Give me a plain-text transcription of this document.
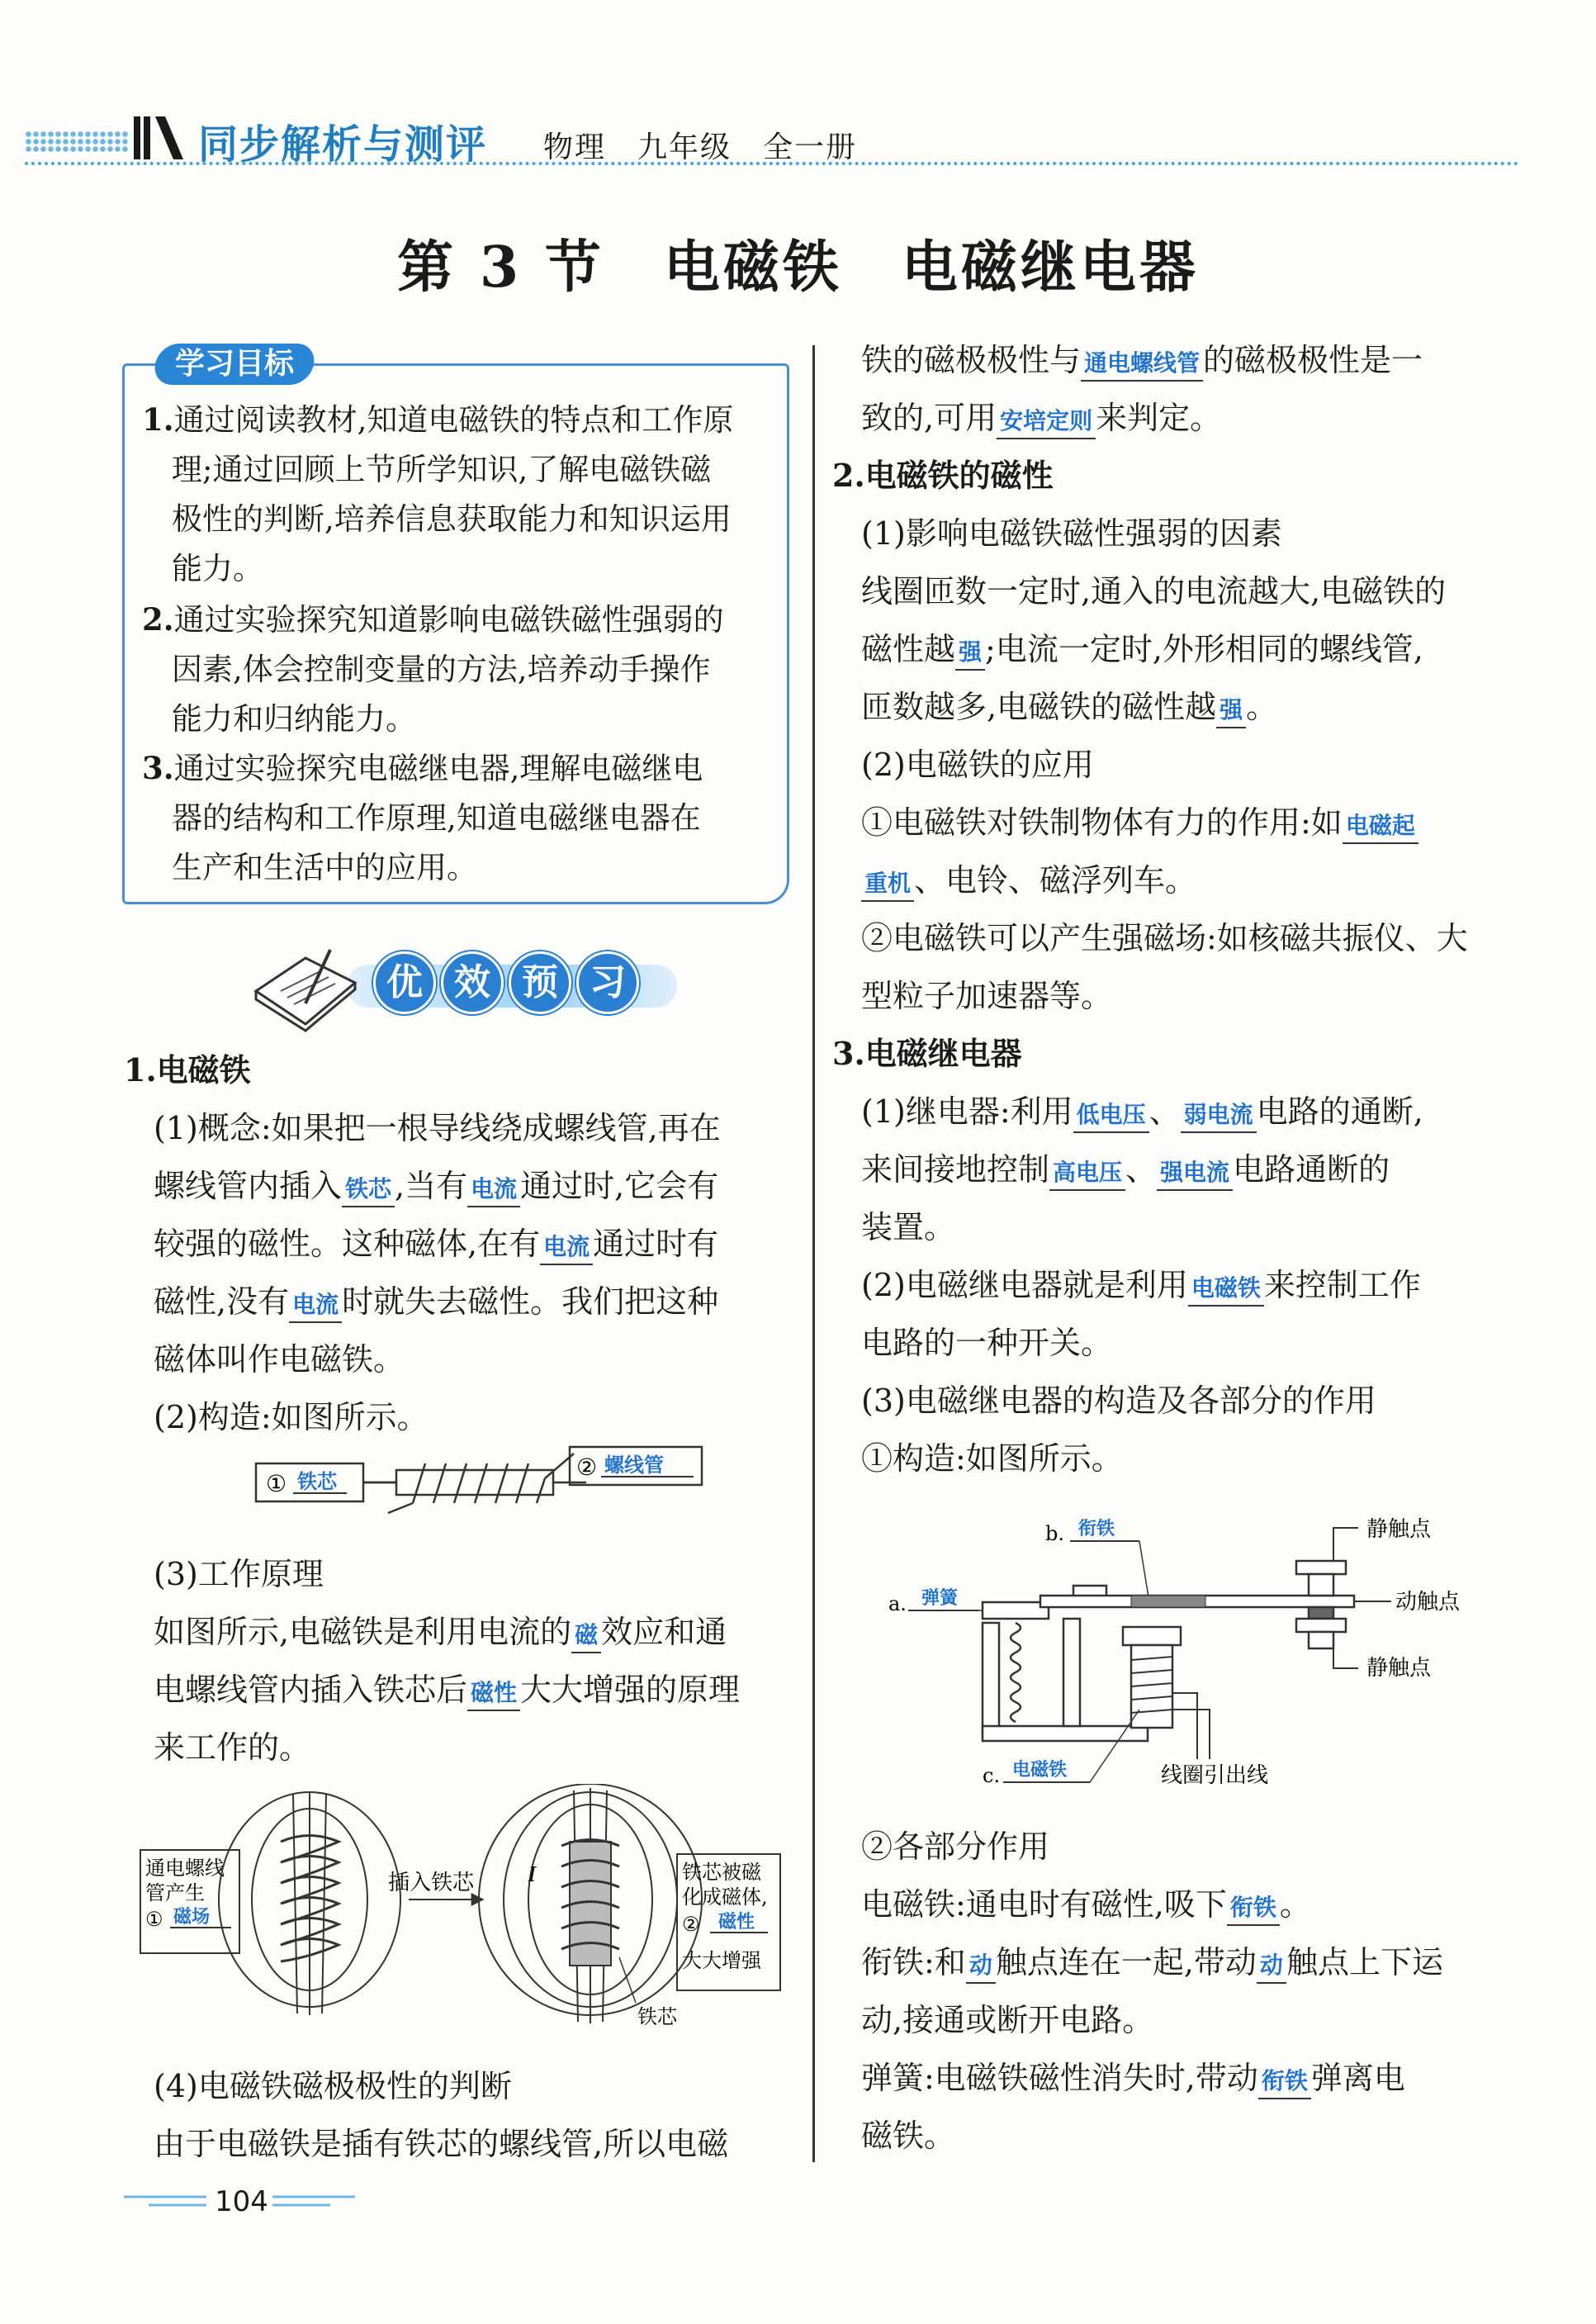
同步解析与测评 物理　九年级　全一册
第 3 节　电磁铁　电磁继电器
学习目标
1.通过阅读教材,知道电磁铁的特点和工作原
理;通过回顾上节所学知识,了解电磁铁磁
极性的判断,培养信息获取能力和知识运用
能力。
2.通过实验探究知道影响电磁铁磁性强弱的
因素,体会控制变量的方法,培养动手操作
能力和归纳能力。
3.通过实验探究电磁继电器,理解电磁继电
器的结构和工作原理,知道电磁继电器在
生产和生活中的应用。
优 效 预 习
1.电磁铁
(1)概念:如果把一根导线绕成螺线管,再在
螺线管内插入 铁芯 ,当有 电流 通过时,它会有
较强的磁性。这种磁体,在有 电流 通过时有
磁性,没有 电流 时就失去磁性。我们把这种
磁体叫作电磁铁。
(2)构造:如图所示。
① 铁芯
② 螺线管
(3)工作原理
如图所示,电磁铁是利用电流的 磁 效应和通
电螺线管内插入铁芯后 磁性 大大增强的原理
来工作的。
通电螺线
管产生
① 磁场
插入铁芯	I	铁芯被磁
化成磁体,
② 磁性
大大增强
铁芯
(4)电磁铁磁极极性的判断
由于电磁铁是插有铁芯的螺线管,所以电磁
铁的磁极极性与 通电螺线管 的磁极极性是一
致的,可用 安培定则 来判定。
2.电磁铁的磁性
(1)影响电磁铁磁性强弱的因素
线圈匝数一定时,通入的电流越大,电磁铁的
磁性越 强 ;电流一定时,外形相同的螺线管,
匝数越多,电磁铁的磁性越 强 。
(2)电磁铁的应用
①电磁铁对铁制物体有力的作用:如 电磁起
重机 、电铃、磁浮列车。
②电磁铁可以产生强磁场:如核磁共振仪、大
型粒子加速器等。
3.电磁继电器
(1)继电器:利用 低电压 、 弱电流 电路的通断,
来间接地控制 高电压 、 强电流 电路通断的
装置。
(2)电磁继电器就是利用 电磁铁 来控制工作
电路的一种开关。
(3)电磁继电器的构造及各部分的作用
①构造:如图所示。
b. 衔铁
a. 弹簧
线圈引出线
静触点
动触点
静触点
c. 电磁铁
②各部分作用
电磁铁:通电时有磁性,吸下 衔铁 。
衔铁:和 动 触点连在一起,带动 动 触点上下运
动,接通或断开电路。
弹簧:电磁铁磁性消失时,带动 衔铁 弹离电
磁铁。
104
